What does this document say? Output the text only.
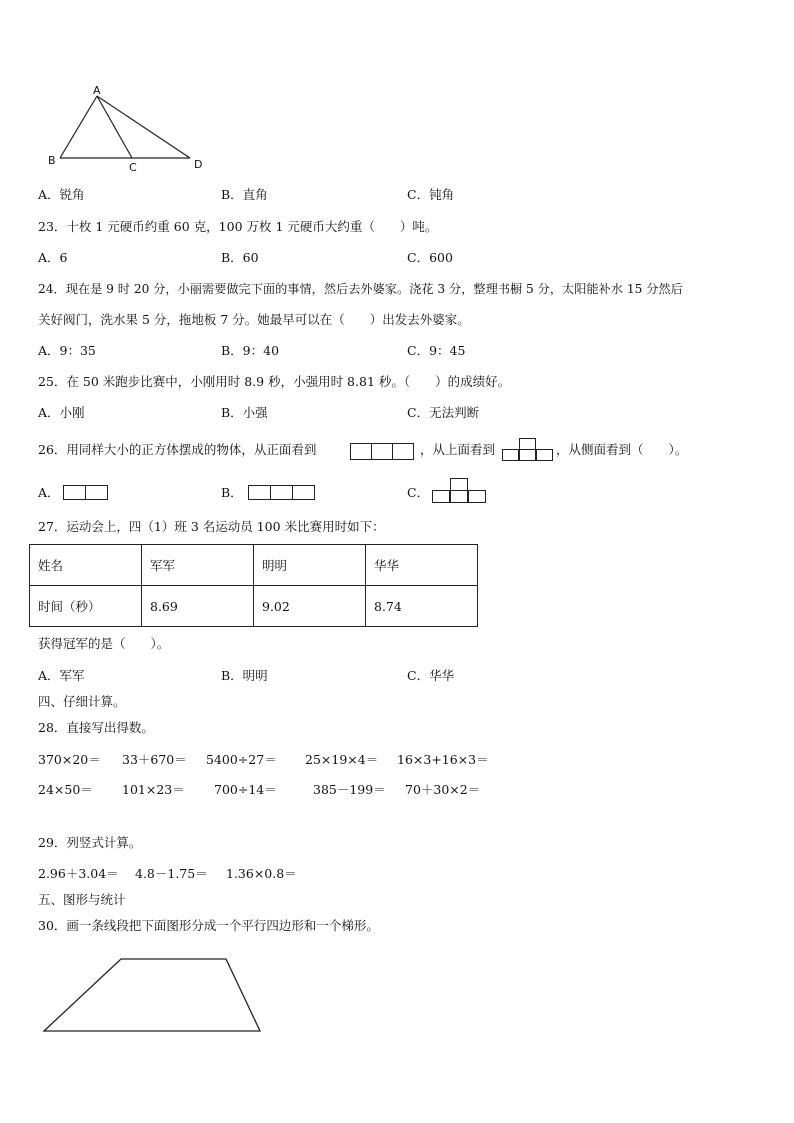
A
B
C	D
A．锐角	B．直角	C．钝角
23．十枚 1 元硬币约重 60 克，100 万枚 1 元硬币大约重（　　）吨。
A．6	B．60	C．600
24．现在是 9 时 20 分，小丽需要做完下面的事情，然后去外婆家。浇花 3 分，整理书橱 5 分，太阳能补水 15 分然后
关好阀门，洗水果 5 分，拖地板 7 分。她最早可以在（　　）出发去外婆家。
A．9：35	B．9：40	C．9：45
25．在 50 米跑步比赛中，小刚用时 8.9 秒，小强用时 8.81 秒。（　　）的成绩好。
A．小刚	B．小强	C．无法判断
26．用同样大小的正方体摆成的物体，从正面看到	，从上面看到	，从侧面看到（　　）。
A．	B．	C．
27．运动会上，四（1）班 3 名运动员 100 米比赛用时如下：
姓名	军军	明明	华华
时间（秒）	8.69	9.02	8.74
获得冠军的是（　　）。
A．军军	B．明明	C．华华
四、仔细计算。
28．直接写出得数。
370×20＝ 33＋670＝ 5400÷27＝ 25×19×4＝ 16×3+16×3＝
24×50＝ 101×23＝ 700÷14＝	385－199＝ 70＋30×2＝
29．列竖式计算。
2.96＋3.04＝ 4.8－1.75＝ 1.36×0.8＝
五、图形与统计
30．画一条线段把下面图形分成一个平行四边形和一个梯形。
